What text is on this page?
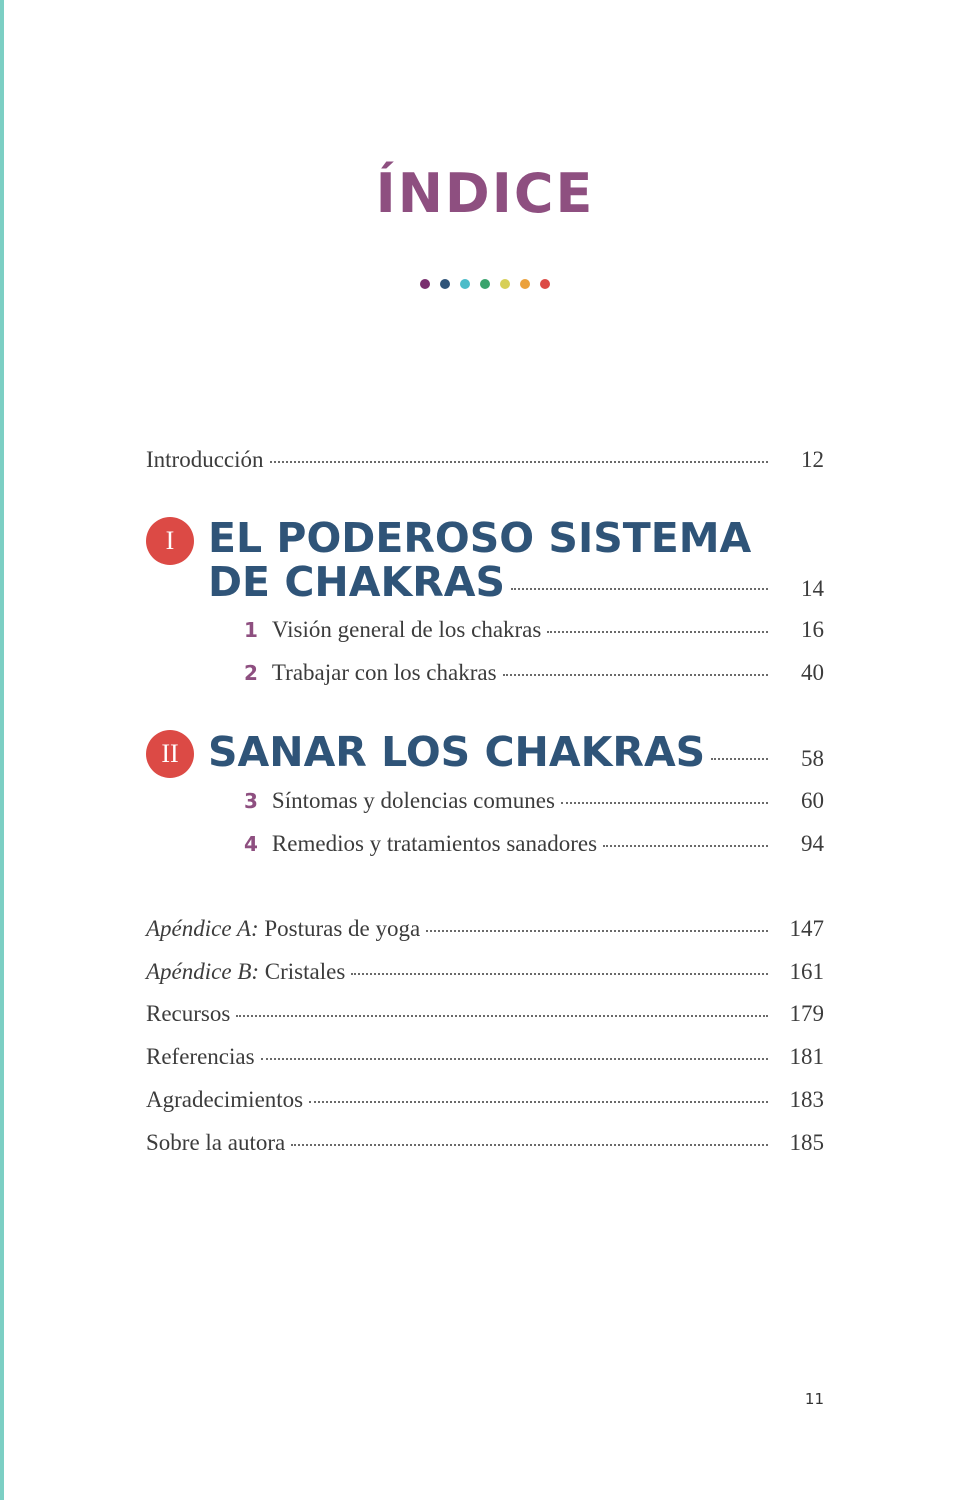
ÍNDICE
Introducción	12
I EL PODEROSO SISTEMA
DE CHAKRAS	14
1 Visión general de los chakras	16
2 Trabajar con los chakras	40
II SANAR LOS CHAKRAS	58
3 Síntomas y dolencias comunes	60
4 Remedios y tratamientos sanadores	94
Apéndice A: Posturas de yoga	147
Apéndice B: Cristales	161
Recursos	179
Referencias	181
Agradecimientos	183
Sobre la autora	185
11
